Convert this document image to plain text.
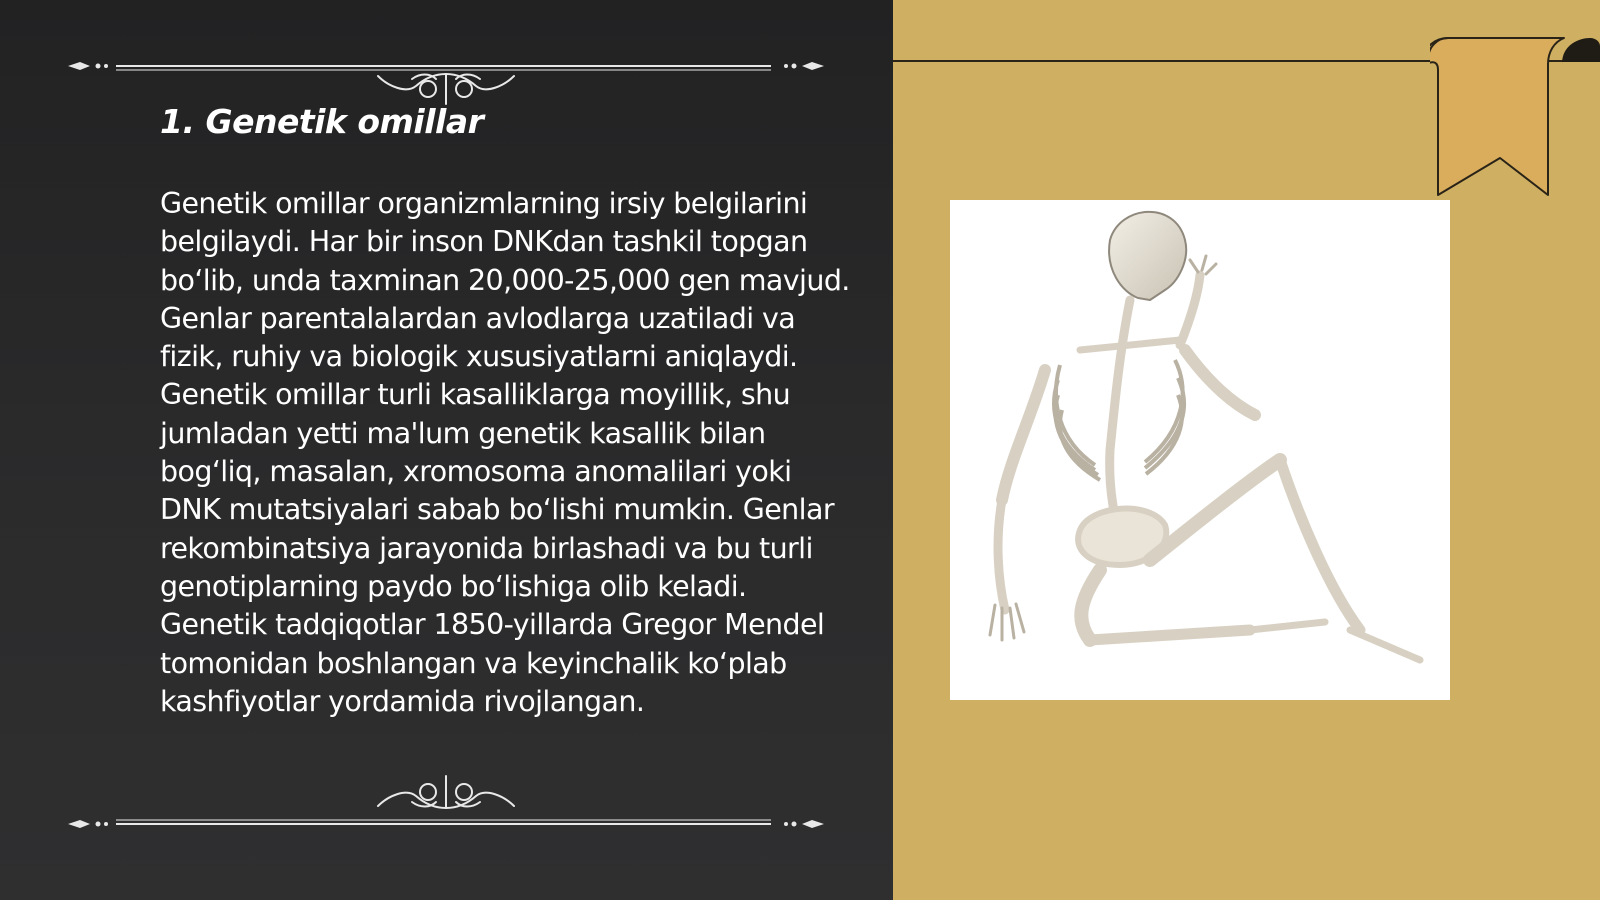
1. Genetik omillar

Genetik omillar organizmlarning irsiy belgilarini belgilaydi. Har bir inson DNKdan tashkil topgan bo‘lib, unda taxminan 20,000-25,000 gen mavjud. Genlar parentalalardan avlodlarga uzatiladi va fizik, ruhiy va biologik xususiyatlarni aniqlaydi. Genetik omillar turli kasalliklarga moyillik, shu jumladan yetti ma'lum genetik kasallik bilan bog‘liq, masalan, xromosoma anomalilari yoki DNK mutatsiyalari sabab bo‘lishi mumkin. Genlar rekombinatsiya jarayonida birlashadi va bu turli genotiplarning paydo bo‘lishiga olib keladi. Genetik tadqiqotlar 1850-yillarda Gregor Mendel tomonidan boshlangan va keyinchalik ko‘plab kashfiyotlar yordamida rivojlangan.
